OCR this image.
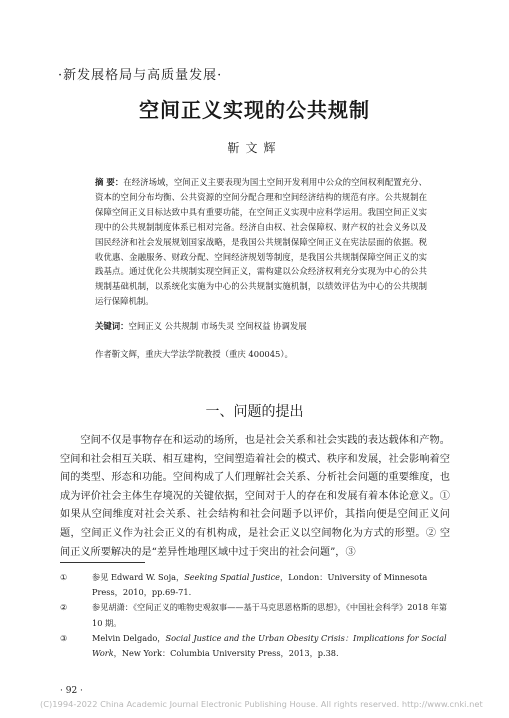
·新发展格局与高质量发展·
空间正义实现的公共规制
靳文辉
摘 要：在经济场域，空间正义主要表现为国土空间开发利用中公众的空间权利配置充分、资本的空间分布均衡、公共资源的空间分配合理和空间经济结构的规范有序。公共规制在保障空间正义目标达致中具有重要功能，在空间正义实现中应科学运用。我国空间正义实现中的公共规制制度体系已相对完备。经济自由权、社会保障权、财产权的社会义务以及国民经济和社会发展规划国家战略，是我国公共规制保障空间正义在宪法层面的依据。税收优惠、金融服务、财政分配、空间经济规划等制度，是我国公共规制保障空间正义的实践基点。通过优化公共规制实现空间正义，需构建以公众经济权利充分实现为中心的公共规制基础机制，以系统化实施为中心的公共规制实施机制，以绩效评估为中心的公共规制运行保障机制。
关键词：空间正义 公共规制 市场失灵 空间权益 协调发展
作者靳文辉，重庆大学法学院教授（重庆 400045）。
一、问题的提出

空间不仅是事物存在和运动的场所，也是社会关系和社会实践的表达载体和产物。空间和社会相互关联、相互建构，空间塑造着社会的模式、秩序和发展，社会影响着空间的类型、形态和功能。空间构成了人们理解社会关系、分析社会问题的重要维度，也成为评价社会主体生存境况的关键依据，空间对于人的存在和发展有着本体论意义。①如果从空间维度对社会关系、社会结构和社会问题予以评价，其指向便是空间正义问题，空间正义作为社会正义的有机构成，是社会正义以空间物化为方式的形塑。② 空间正义所要解决的是“差异性地理区域中过于突出的社会问题”，③

①	参见 Edward W. Soja，Seeking Spatial Justice，London：University of Minnesota Press，2010，pp.69-71.
②	参见胡潇：《空间正义的唯物史观叙事——基于马克思恩格斯的思想》，《中国社会科学》2018 年第 10 期。
③	Melvin Delgado，Social Justice and the Urban Obesity Crisis：Implications for Social Work，New York：Columbia University Press，2013，p.38.
· 92 ·
(C)1994-2022 China Academic Journal Electronic Publishing House. All rights reserved. http://www.cnki.net
